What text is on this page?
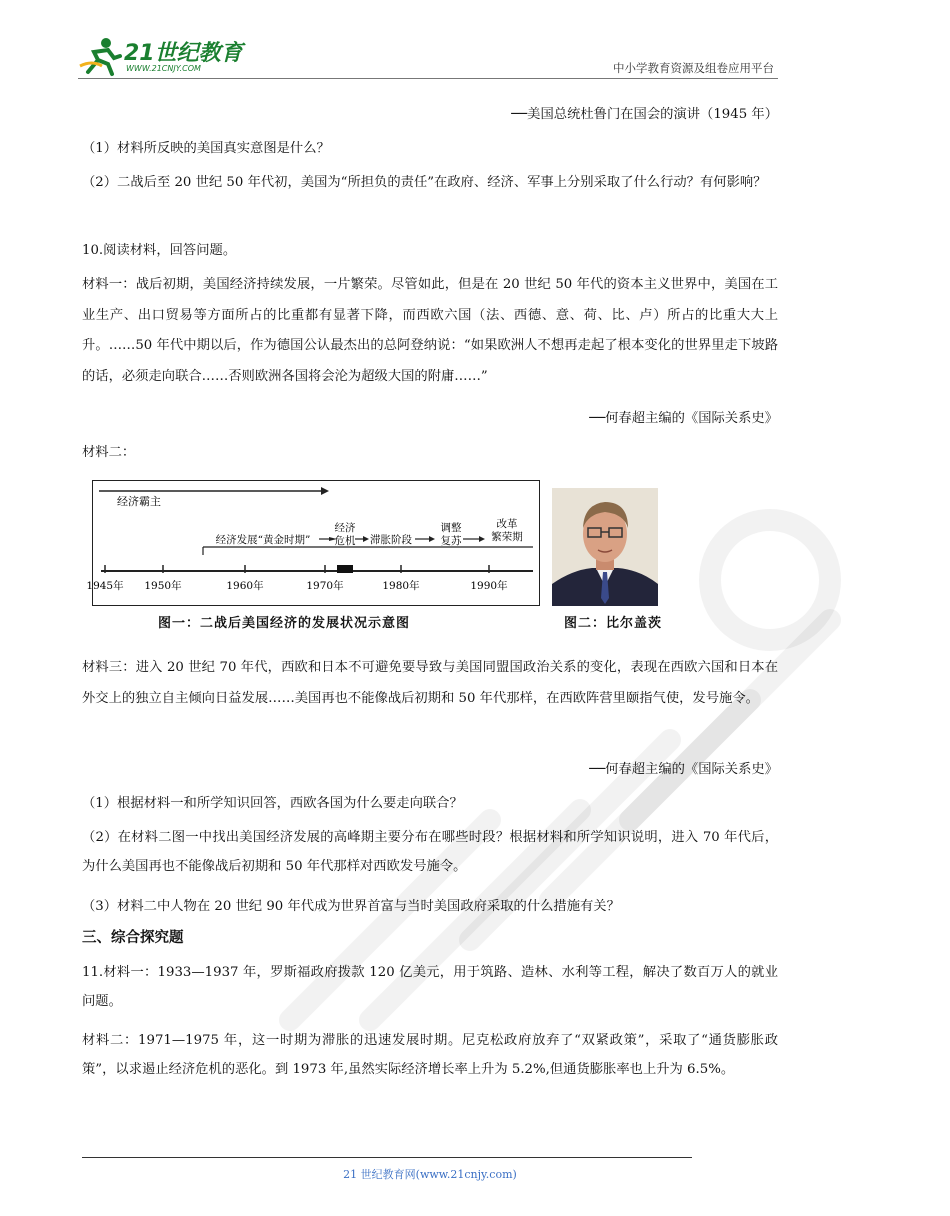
21世纪教育
WWW.21CNJY.COM	中小学教育资源及组卷应用平台

──美国总统杜鲁门在国会的演讲（1945 年）

（1）材料所反映的美国真实意图是什么？

（2）二战后至 20 世纪 50 年代初，美国为“所担负的责任”在政府、经济、军事上分别采取了什么行动？有何影响？

10.阅读材料，回答问题。

材料一：战后初期，美国经济持续发展，一片繁荣。尽管如此，但是在 20 世纪 50 年代的资本主义世界中，美国在工业生产、出口贸易等方面所占的比重都有显著下降，而西欧六国（法、西德、意、荷、比、卢）所占的比重大大上升。……50 年代中期以后，作为德国公认最杰出的总阿登纳说：“如果欧洲人不想再走起了根本变化的世界里走下坡路的话，必须走向联合……否则欧洲各国将会沦为超级大国的附庸……”

──何春超主编的《国际关系史》

材料二：

经济霸主
经济发展“黄金时期”
经济
危机 滞胀阶段
调整
复苏
改革
繁荣期
1945年 1950年	1960年	1970年	1980年	1990年
图一：二战后美国经济的发展状况示意图	图二：比尔盖茨

材料三：进入 20 世纪 70 年代，西欧和日本不可避免要导致与美国同盟国政治关系的变化，表现在西欧六国和日本在外交上的独立自主倾向日益发展……美国再也不能像战后初期和 50 年代那样，在西欧阵营里颐指气使，发号施令。

──何春超主编的《国际关系史》

（1）根据材料一和所学知识回答，西欧各国为什么要走向联合？

（2）在材料二图一中找出美国经济发展的高峰期主要分布在哪些时段？根据材料和所学知识说明，进入 70 年代后，为什么美国再也不能像战后初期和 50 年代那样对西欧发号施令。

（3）材料二中人物在 20 世纪 90 年代成为世界首富与当时美国政府采取的什么措施有关？

三、综合探究题

11.材料一：1933—1937 年，罗斯福政府拨款 120 亿美元，用于筑路、造林、水利等工程，解决了数百万人的就业问题。

材料二：1971—1975 年，这一时期为滞胀的迅速发展时期。尼克松政府放弃了“双紧政策”，采取了“通货膨胀政策”，以求遏止经济危机的恶化。到 1973 年,虽然实际经济增长率上升为 5.2%,但通货膨胀率也上升为 6.5%。

21 世纪教育网(www.21cnjy.com)
